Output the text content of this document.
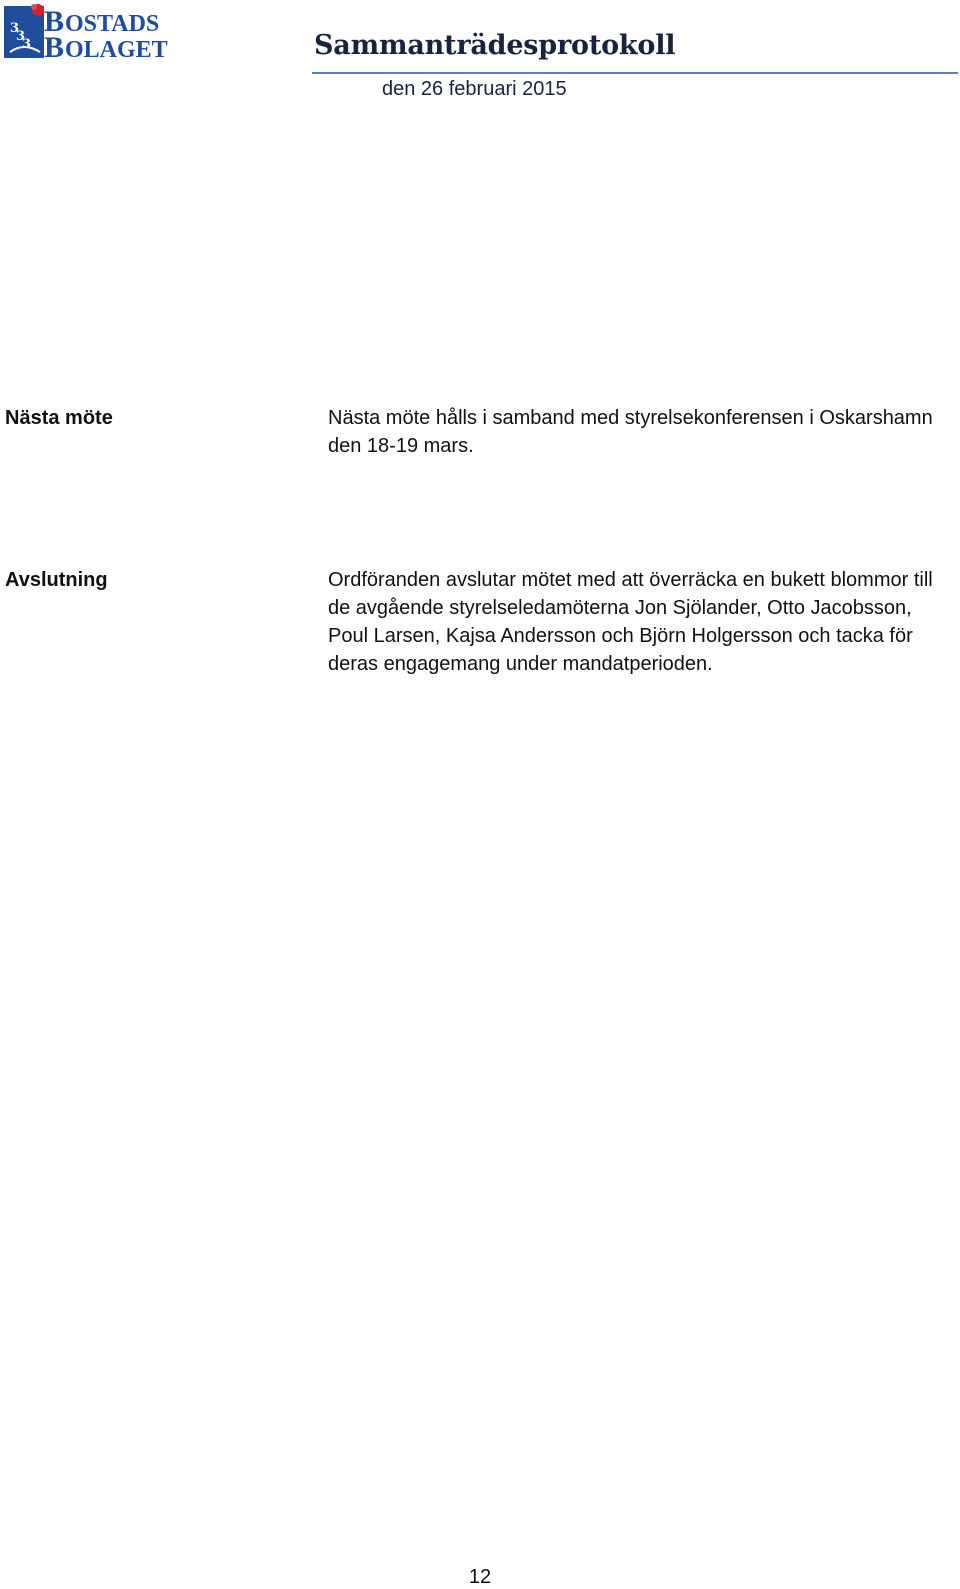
3
3
3
B OSTADS
B OLAGET	Sammanträdesprotokoll
den 26 februari 2015
Nästa möte	Nästa möte hålls i samband med styrelsekonferensen i Oskarshamn den 18-19 mars.
Avslutning	Ordföranden avslutar mötet med att överräcka en bukett blommor till de avgående styrelseledamöterna Jon Sjölander, Otto Jacobsson, Poul Larsen, Kajsa Andersson och Björn Holgersson och tacka för deras engagemang under mandatperioden.
12
